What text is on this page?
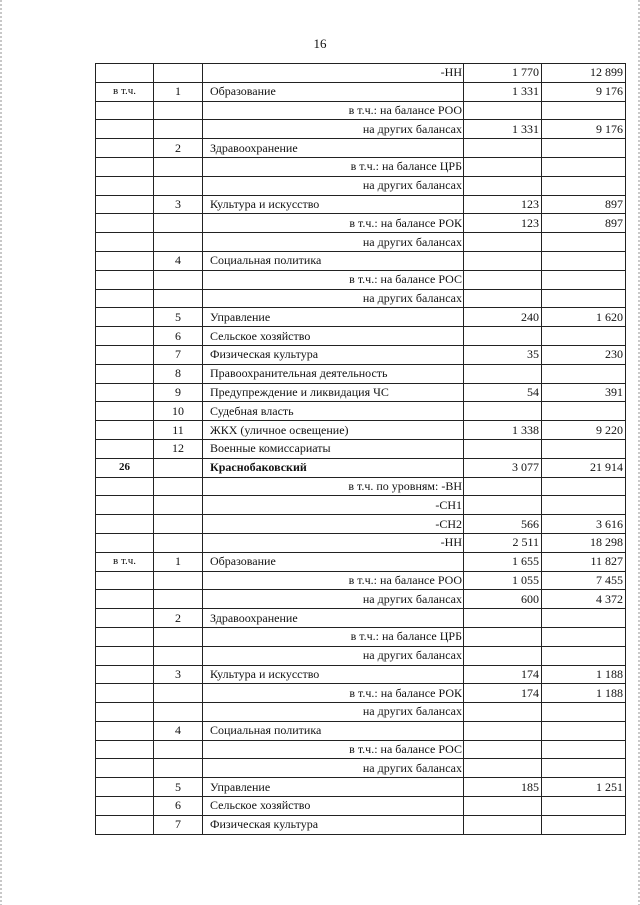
16
		-НН	1 770	12 899
в т.ч.	1	Образование	1 331	9 176
		в т.ч.: на балансе РОО		
		на других балансах	1 331	9 176
	2	Здравоохранение		
		в т.ч.: на балансе ЦРБ		
		на других балансах		
	3	Культура и искусство	123	897
		в т.ч.: на балансе РОК	123	897
		на других балансах		
	4	Социальная политика		
		в т.ч.: на балансе РОС		
		на других балансах		
	5	Управление	240	1 620
	6	Сельское хозяйство		
	7	Физическая культура	35	230
	8	Правоохранительная деятельность		
	9	Предупреждение и ликвидация ЧС	54	391
	10	Судебная власть		
	11	ЖКХ (уличное освещение)	1 338	9 220
	12	Военные комиссариаты		
26		Краснобаковский	3 077	21 914
		в т.ч. по уровням: -ВН		
		-СН1		
		-СН2	566	3 616
		-НН	2 511	18 298
в т.ч.	1	Образование	1 655	11 827
		в т.ч.: на балансе РОО	1 055	7 455
		на других балансах	600	4 372
	2	Здравоохранение		
		в т.ч.: на балансе ЦРБ		
		на других балансах		
	3	Культура и искусство	174	1 188
		в т.ч.: на балансе РОК	174	1 188
		на других балансах		
	4	Социальная политика		
		в т.ч.: на балансе РОС		
		на других балансах		
	5	Управление	185	1 251
	6	Сельское хозяйство		
	7	Физическая культура		
